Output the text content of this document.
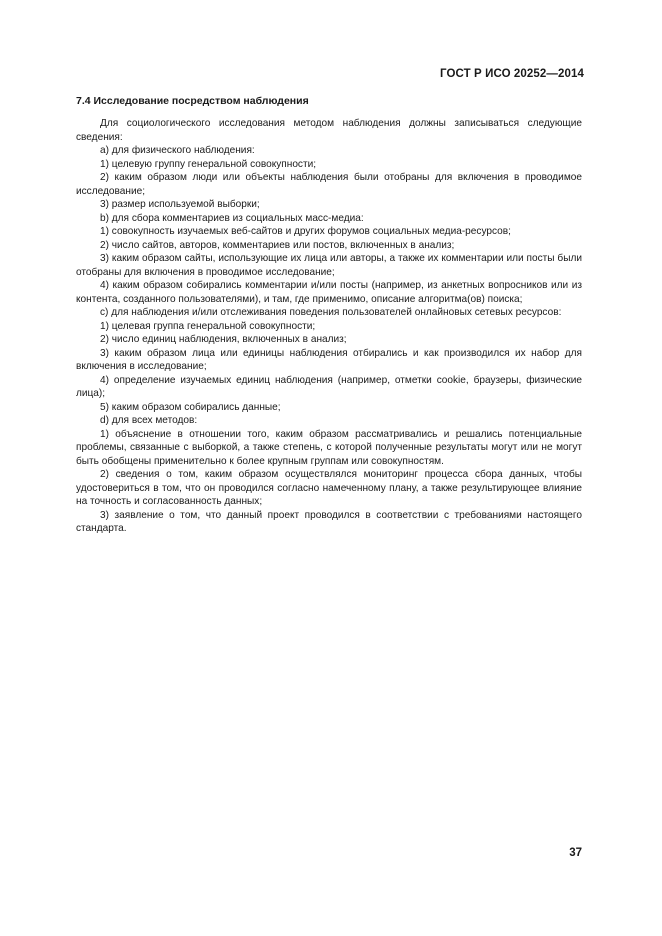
ГОСТ Р ИСО 20252—2014
7.4 Исследование посредством наблюдения

Для социологического исследования методом наблюдения должны записываться следующие сведения:

а) для физического наблюдения:

1) целевую группу генеральной совокупности;

2) каким образом люди или объекты наблюдения были отобраны для включения в проводимое исследование;

3) размер используемой выборки;

b) для сбора комментариев из социальных масс-медиа:

1) совокупность изучаемых веб-сайтов и других форумов социальных медиа-ресурсов;

2) число сайтов, авторов, комментариев или постов, включенных в анализ;

3) каким образом сайты, использующие их лица или авторы, а также их комментарии или посты были отобраны для включения в проводимое исследование;

4) каким образом собирались комментарии и/или посты (например, из анкетных вопросников или из контента, созданного пользователями), и там, где применимо, описание алгоритма(ов) поиска;

с) для наблюдения и/или отслеживания поведения пользователей онлайновых сетевых ресурсов:

1) целевая группа генеральной совокупности;

2) число единиц наблюдения, включенных в анализ;

3) каким образом лица или единицы наблюдения отбирались и как производился их набор для включения в исследование;

4) определение изучаемых единиц наблюдения (например, отметки cookie, браузеры, физические лица);

5) каким образом собирались данные;

d) для всех методов:

1) объяснение в отношении того, каким образом рассматривались и решались потенциальные проблемы, связанные с выборкой, а также степень, с которой полученные результаты могут или не могут быть обобщены применительно к более крупным группам или совокупностям.

2) сведения о том, каким образом осуществлялся мониторинг процесса сбора данных, чтобы удостовериться в том, что он проводился согласно намеченному плану, а также результирующее влияние на точность и согласованность данных;

3) заявление о том, что данный проект проводился в соответствии с требованиями настоящего стандарта.

37
